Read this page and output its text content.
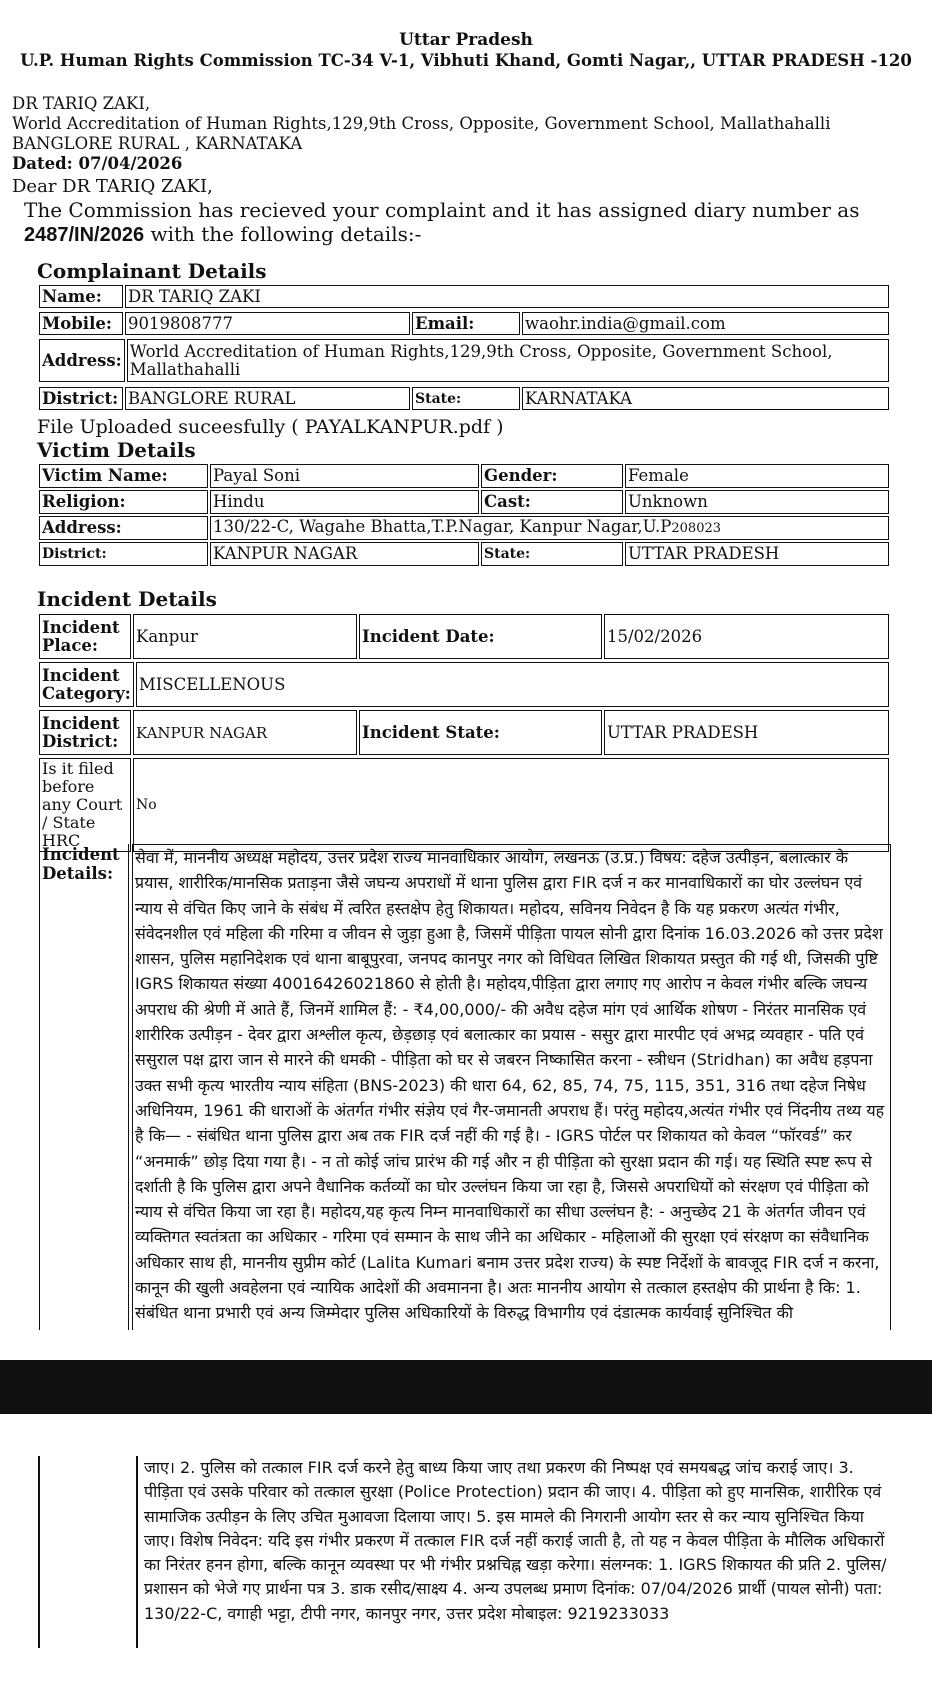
Uttar Pradesh
U.P. Human Rights Commission TC-34 V-1, Vibhuti Khand, Gomti Nagar,, UTTAR PRADESH -120
DR TARIQ ZAKI,
World Accreditation of Human Rights,129,9th Cross, Opposite, Government School, Mallathahalli
BANGLORE RURAL , KARNATAKA
Dated: 07/04/2026
Dear DR TARIQ ZAKI,
The Commission has recieved your complaint and it has assigned diary number as
2487/IN/2026 with the following details:-
Complainant Details
Name:	DR TARIQ ZAKI
Mobile:	9019808777	Email:	waohr.india@gmail.com
Address:	World Accreditation of Human Rights,129,9th Cross, Opposite, Government School, Mallathahalli
District:	BANGLORE RURAL	State:	KARNATAKA
File Uploaded suceesfully ( PAYALKANPUR.pdf )
Victim Details
Victim Name:	Payal Soni	Gender:	Female
Religion:	Hindu	Cast:	Unknown
Address:	130/22-C, Wagahe Bhatta,T.P.Nagar, Kanpur Nagar,U.P208023		
District:	KANPUR NAGAR	State:	UTTAR PRADESH
Incident Details
Incident Place:	Kanpur	Incident Date:	15/02/2026
Incident Category:	MISCELLENOUS
Incident District:	KANPUR NAGAR	Incident State:	UTTAR PRADESH
Is it filed before any Court / State HRC	No
Incident Details:
सेवा में, माननीय अध्यक्ष महोदय, उत्तर प्रदेश राज्य मानवाधिकार आयोग, लखनऊ (उ.प्र.) विषय: दहेज उत्पीड़न, बलात्कार के प्रयास, शारीरिक/मानसिक प्रताड़ना जैसे जघन्य अपराधों में थाना पुलिस द्वारा FIR दर्ज न कर मानवाधिकारों का घोर उल्लंघन एवं न्याय से वंचित किए जाने के संबंध में त्वरित हस्तक्षेप हेतु शिकायत। महोदय, सविनय निवेदन है कि यह प्रकरण अत्यंत गंभीर, संवेदनशील एवं महिला की गरिमा व जीवन से जुड़ा हुआ है, जिसमें पीड़िता पायल सोनी द्वारा दिनांक 16.03.2026 को उत्तर प्रदेश शासन, पुलिस महानिदेशक एवं थाना बाबूपुरवा, जनपद कानपुर नगर को विधिवत लिखित शिकायत प्रस्तुत की गई थी, जिसकी पुष्टि IGRS शिकायत संख्या 40016426021860 से होती है। महोदय,पीड़िता द्वारा लगाए गए आरोप न केवल गंभीर बल्कि जघन्य अपराध की श्रेणी में आते हैं, जिनमें शामिल हैं: - ₹4,00,000/- की अवैध दहेज मांग एवं आर्थिक शोषण - निरंतर मानसिक एवं शारीरिक उत्पीड़न - देवर द्वारा अश्लील कृत्य, छेड़छाड़ एवं बलात्कार का प्रयास - ससुर द्वारा मारपीट एवं अभद्र व्यवहार - पति एवं ससुराल पक्ष द्वारा जान से मारने की धमकी - पीड़िता को घर से जबरन निष्कासित करना - स्त्रीधन (Stridhan) का अवैध हड़पना उक्त सभी कृत्य भारतीय न्याय संहिता (BNS-2023) की धारा 64, 62, 85, 74, 75, 115, 351, 316 तथा दहेज निषेध अधिनियम, 1961 की धाराओं के अंतर्गत गंभीर संज्ञेय एवं गैर-जमानती अपराध हैं। परंतु महोदय,अत्यंत गंभीर एवं निंदनीय तथ्य यह है कि— - संबंधित थाना पुलिस द्वारा अब तक FIR दर्ज नहीं की गई है। - IGRS पोर्टल पर शिकायत को केवल “फॉरवर्ड” कर “अनमार्क” छोड़ दिया गया है। - न तो कोई जांच प्रारंभ की गई और न ही पीड़िता को सुरक्षा प्रदान की गई। यह स्थिति स्पष्ट रूप से दर्शाती है कि पुलिस द्वारा अपने वैधानिक कर्तव्यों का घोर उल्लंघन किया जा रहा है, जिससे अपराधियों को संरक्षण एवं पीड़िता को न्याय से वंचित किया जा रहा है। महोदय,यह कृत्य निम्न मानवाधिकारों का सीधा उल्लंघन है: - अनुच्छेद 21 के अंतर्गत जीवन एवं व्यक्तिगत स्वतंत्रता का अधिकार - गरिमा एवं सम्मान के साथ जीने का अधिकार - महिलाओं की सुरक्षा एवं संरक्षण का संवैधानिक अधिकार साथ ही, माननीय सुप्रीम कोर्ट (Lalita Kumari बनाम उत्तर प्रदेश राज्य) के स्पष्ट निर्देशों के बावजूद FIR दर्ज न करना, कानून की खुली अवहेलना एवं न्यायिक आदेशों की अवमानना है। अतः माननीय आयोग से तत्काल हस्तक्षेप की प्रार्थना है कि: 1. संबंधित थाना प्रभारी एवं अन्य जिम्मेदार पुलिस अधिकारियों के विरुद्ध विभागीय एवं दंडात्मक कार्यवाई सुनिश्चित की
जाए। 2. पुलिस को तत्काल FIR दर्ज करने हेतु बाध्य किया जाए तथा प्रकरण की निष्पक्ष एवं समयबद्ध जांच कराई जाए। 3. पीड़िता एवं उसके परिवार को तत्काल सुरक्षा (Police Protection) प्रदान की जाए। 4. पीड़िता को हुए मानसिक, शारीरिक एवं सामाजिक उत्पीड़न के लिए उचित मुआवजा दिलाया जाए। 5. इस मामले की निगरानी आयोग स्तर से कर न्याय सुनिश्चित किया जाए। विशेष निवेदन: यदि इस गंभीर प्रकरण में तत्काल FIR दर्ज नहीं कराई जाती है, तो यह न केवल पीड़िता के मौलिक अधिकारों का निरंतर हनन होगा, बल्कि कानून व्यवस्था पर भी गंभीर प्रश्नचिह्न खड़ा करेगा। संलग्नक: 1. IGRS शिकायत की प्रति 2. पुलिस/प्रशासन को भेजे गए प्रार्थना पत्र 3. डाक रसीद/साक्ष्य 4. अन्य उपलब्ध प्रमाण दिनांक: 07/04/2026 प्रार्थी (पायल सोनी) पता: 130/22-C, वगाही भट्टा, टीपी नगर, कानपुर नगर, उत्तर प्रदेश मोबाइल: 9219233033
